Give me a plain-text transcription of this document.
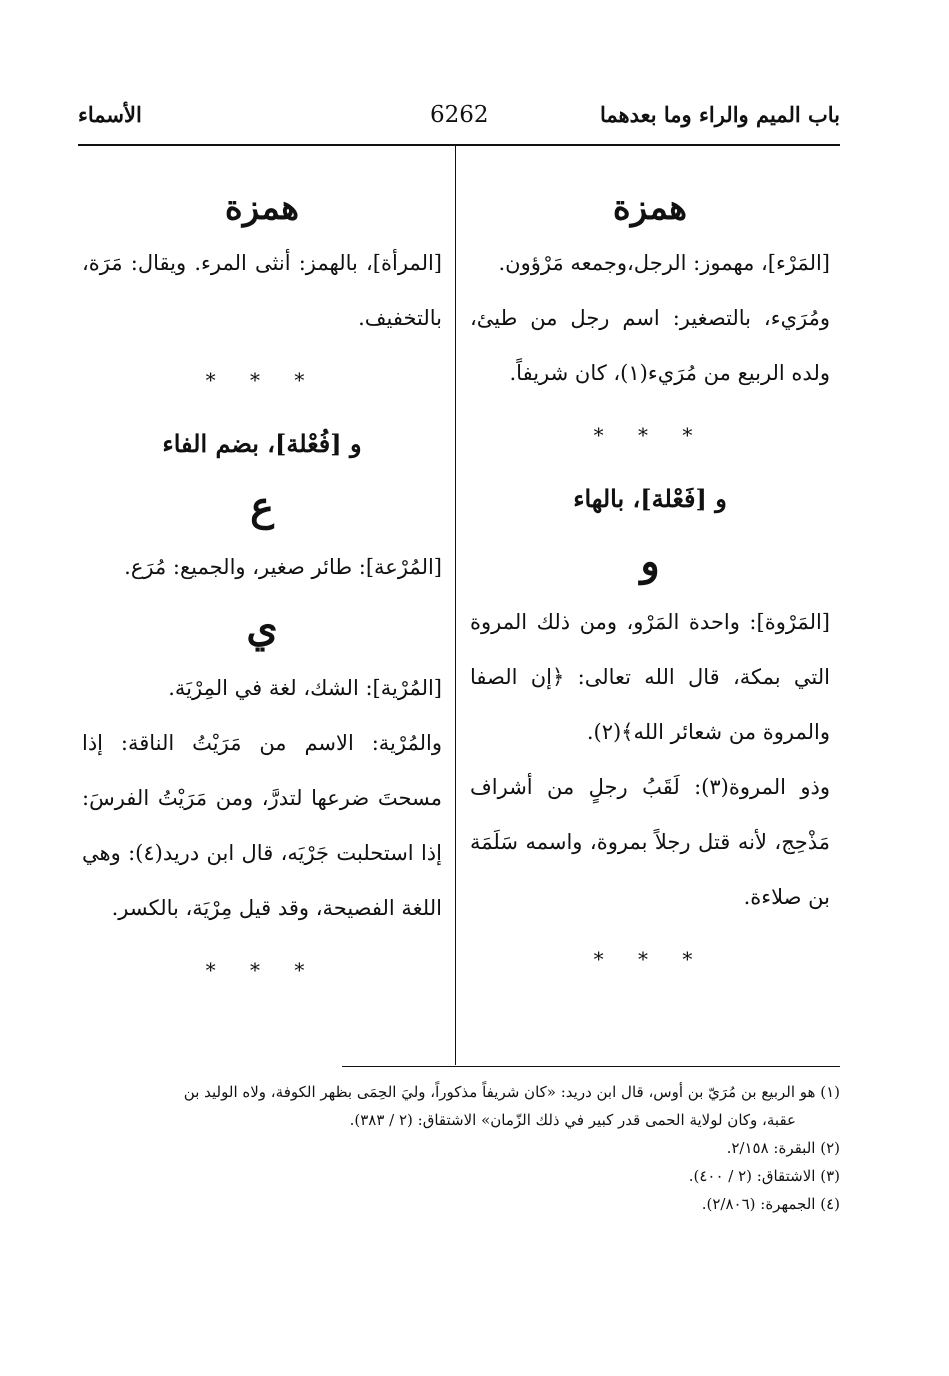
باب الميم والراء وما بعدهما
6262
الأسماء

همزة

[المَرْء]، مهموز: الرجل،وجمعه مَرْؤون.

ومُرَيء، بالتصغير: اسم رجل من طيئ، ولده الربيع من مُرَيء(١)، كان شريفاً.

* * *

و [فَعْلة]، بالهاء

و

[المَرْوة]: واحدة المَرْو، ومن ذلك المروة التي بمكة، قال الله تعالى: ﴿إن الصفا والمروة من شعائر الله﴾(٢).

وذو المروة(٣): لَقَبُ رجلٍ من أشراف مَذْحِج، لأنه قتل رجلاً بمروة، واسمه سَلَمَة بن صلاءة.

* * *

همزة

[المرأة]، بالهمز: أنثى المرء. ويقال: مَرَة، بالتخفيف.

* * *

و [فُعْلة]، بضم الفاء

ع

[المُرْعة]: طائر صغير، والجميع: مُرَع.

ي

[المُرْية]: الشك، لغة في المِرْيَة.

والمُرْية: الاسم من مَرَيْتُ الناقة: إذا مسحتَ ضرعها لتدرَّ، ومن مَرَيْتُ الفرسَ: إذا استحلبت جَرْيَه، قال ابن دريد(٤): وهي اللغة الفصيحة، وقد قيل مِرْيَة، بالكسر.

* * *

(١) هو الربيع بن مُرَيّ بن أوس، قال ابن دريد: «كان شريفاً مذكوراً، وليَ الحِمَى بظهر الكوفة، ولاه الوليد بن

عقبة، وكان لولاية الحمى قدر كبير في ذلك الزّمان» الاشتقاق: (٢ / ٣٨٣).

(٢) البقرة: ٢/١٥٨.

(٣) الاشتقاق: (٢ / ٤٠٠).

(٤) الجمهرة: (٢/٨٠٦).
